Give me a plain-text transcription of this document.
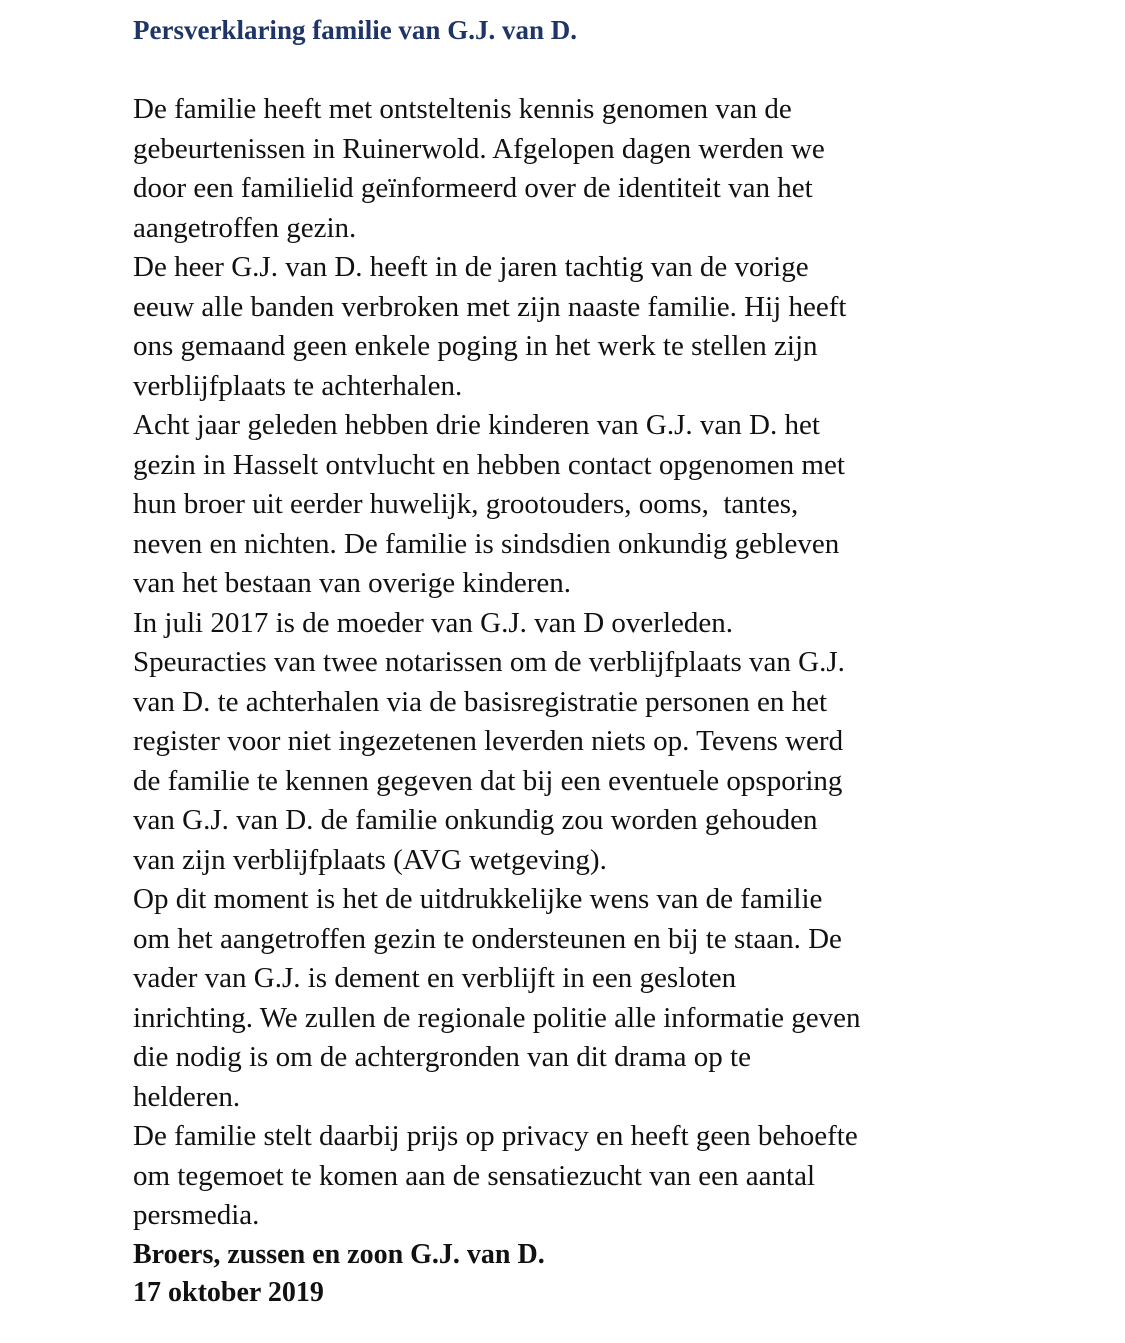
Persverklaring familie van G.J. van D.

De familie heeft met ontsteltenis kennis genomen van de
gebeurtenissen in Ruinerwold. Afgelopen dagen werden we
door een familielid geïnformeerd over de identiteit van het
aangetroffen gezin.

De heer G.J. van D. heeft in de jaren tachtig van de vorige
eeuw alle banden verbroken met zijn naaste familie. Hij heeft
ons gemaand geen enkele poging in het werk te stellen zijn
verblijfplaats te achterhalen.

Acht jaar geleden hebben drie kinderen van G.J. van D. het
gezin in Hasselt ontvlucht en hebben contact opgenomen met
hun broer uit eerder huwelijk, grootouders, ooms,  tantes,
neven en nichten. De familie is sindsdien onkundig gebleven
van het bestaan van overige kinderen.

In juli 2017 is de moeder van G.J. van D overleden.
Speuracties van twee notarissen om de verblijfplaats van G.J.
van D. te achterhalen via de basisregistratie personen en het
register voor niet ingezetenen leverden niets op. Tevens werd
de familie te kennen gegeven dat bij een eventuele opsporing
van G.J. van D. de familie onkundig zou worden gehouden
van zijn verblijfplaats (AVG wetgeving).

Op dit moment is het de uitdrukkelijke wens van de familie
om het aangetroffen gezin te ondersteunen en bij te staan. De
vader van G.J. is dement en verblijft in een gesloten
inrichting. We zullen de regionale politie alle informatie geven
die nodig is om de achtergronden van dit drama op te
helderen.

De familie stelt daarbij prijs op privacy en heeft geen behoefte
om tegemoet te komen aan de sensatiezucht van een aantal
persmedia.

Broers, zussen en zoon G.J. van D.

17 oktober 2019
